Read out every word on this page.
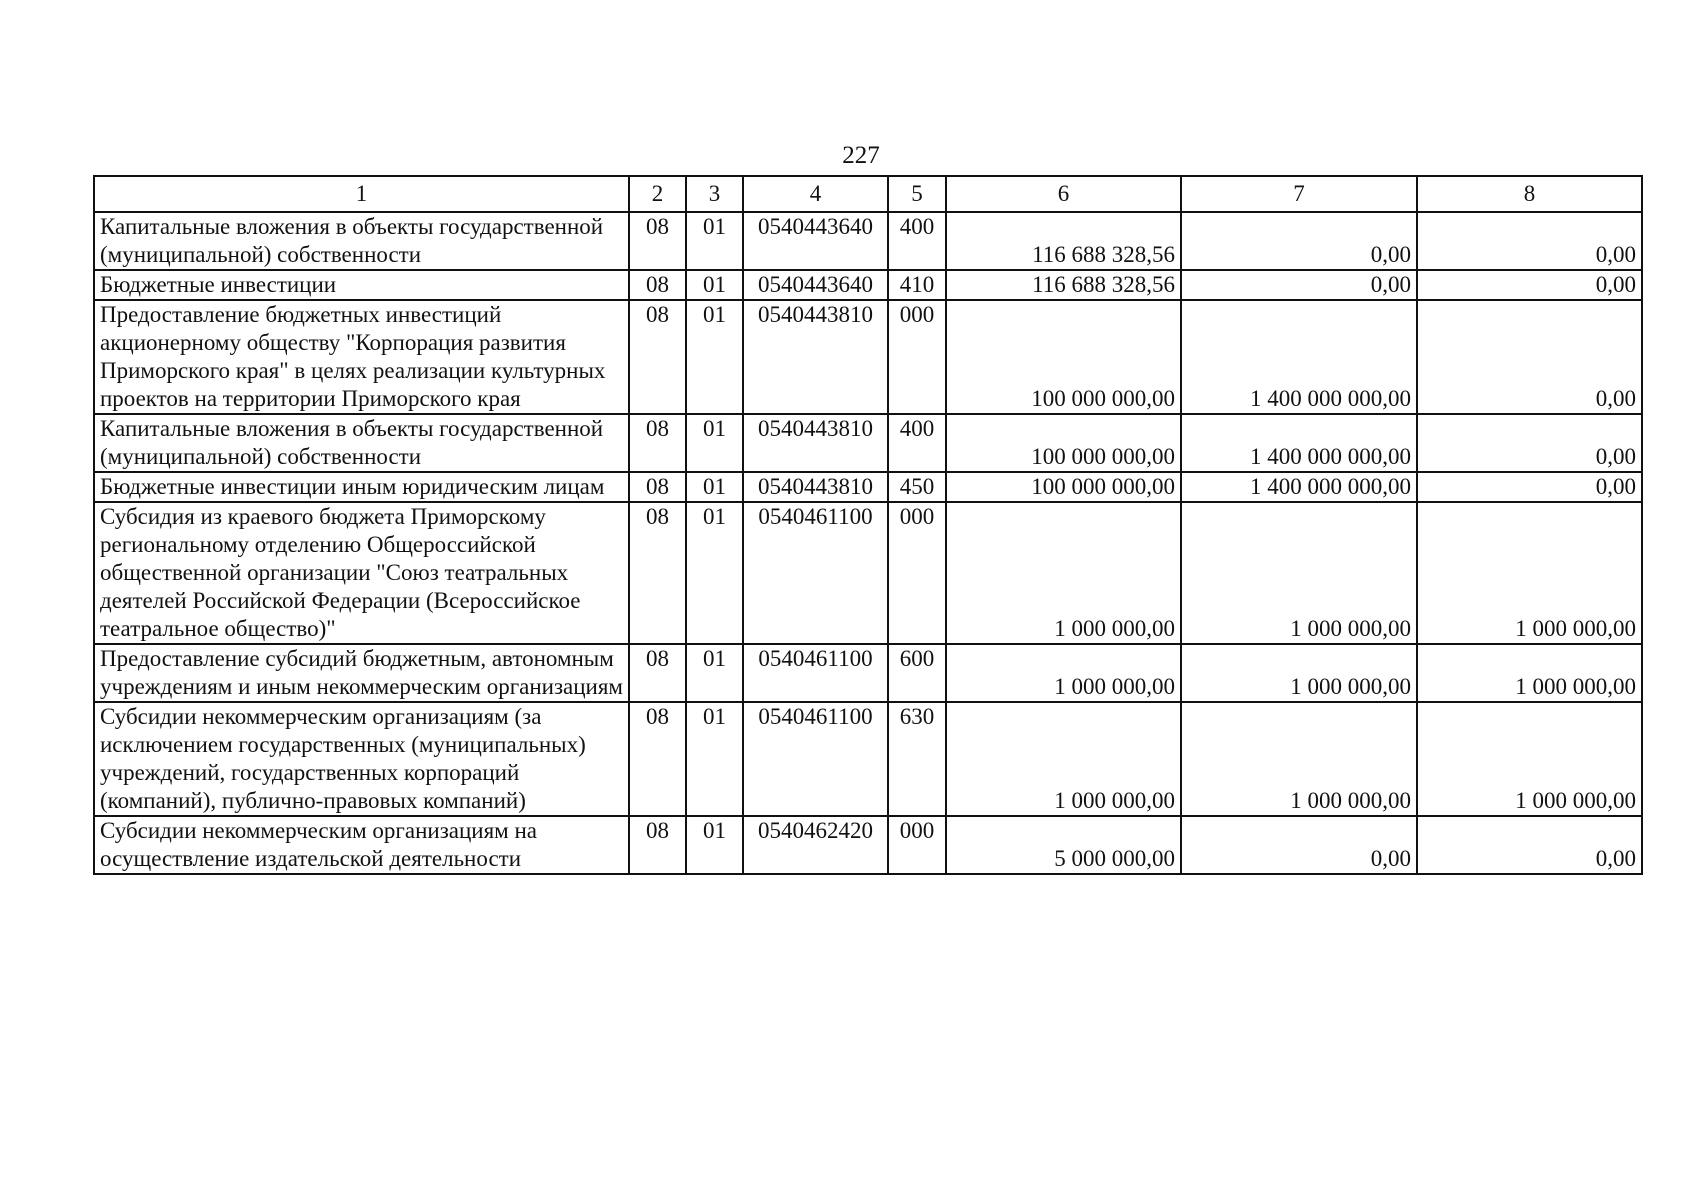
227
1	2	3	4	5	6	7	8
Капитальные вложения в объекты государственной (муниципальной) собственности	08	01	0540443640	400	116 688 328,56	0,00	0,00
Бюджетные инвестиции	08	01	0540443640	410	116 688 328,56	0,00	0,00
Предоставление бюджетных инвестиций акционерному обществу "Корпорация развития Приморского края" в целях реализации культурных проектов на территории Приморского края	08	01	0540443810	000	100 000 000,00	1 400 000 000,00	0,00
Капитальные вложения в объекты государственной (муниципальной) собственности	08	01	0540443810	400	100 000 000,00	1 400 000 000,00	0,00
Бюджетные инвестиции иным юридическим лицам	08	01	0540443810	450	100 000 000,00	1 400 000 000,00	0,00
Субсидия из краевого бюджета Приморскому региональному отделению Общероссийской общественной организации "Союз театральных деятелей Российской Федерации (Всероссийское театральное общество)"	08	01	0540461100	000	1 000 000,00	1 000 000,00	1 000 000,00
Предоставление субсидий бюджетным, автономным учреждениям и иным некоммерческим организациям	08	01	0540461100	600	1 000 000,00	1 000 000,00	1 000 000,00
Субсидии некоммерческим организациям (за исключением государственных (муниципальных) учреждений, государственных корпораций (компаний), публично-правовых компаний)	08	01	0540461100	630	1 000 000,00	1 000 000,00	1 000 000,00
Субсидии некоммерческим организациям на осуществление издательской деятельности	08	01	0540462420	000	5 000 000,00	0,00	0,00
